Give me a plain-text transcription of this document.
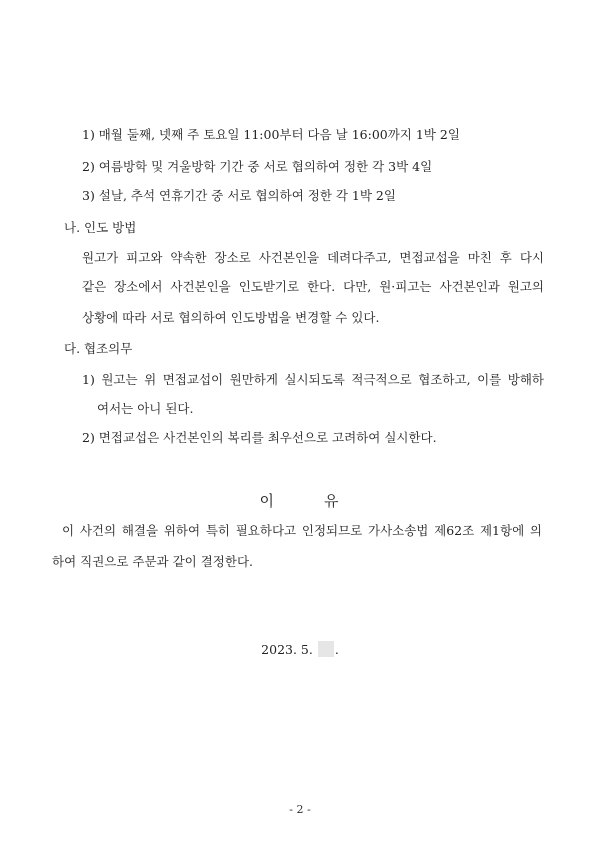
1) 매월 둘째, 넷째 주 토요일 11:00부터 다음 날 16:00까지 1박 2일
2) 여름방학 및 겨울방학 기간 중 서로 협의하여 정한 각 3박 4일
3) 설날, 추석 연휴기간 중 서로 협의하여 정한 각 1박 2일
나. 인도 방법
원고가 피고와 약속한 장소로 사건본인을 데려다주고, 면접교섭을 마친 후 다시
같은 장소에서 사건본인을 인도받기로 한다. 다만, 원·피고는 사건본인과 원고의
상황에 따라 서로 협의하여 인도방법을 변경할 수 있다.
다. 협조의무
1) 원고는 위 면접교섭이 원만하게 실시되도록 적극적으로 협조하고, 이를 방해하
여서는 아니 된다.
2) 면접교섭은 사건본인의 복리를 최우선으로 고려하여 실시한다.
이	유
이 사건의 해결을 위하여 특히 필요하다고 인정되므로 가사소송법 제62조 제1항에 의
하여 직권으로 주문과 같이 결정한다.
2023. 5. .
- 2 -
